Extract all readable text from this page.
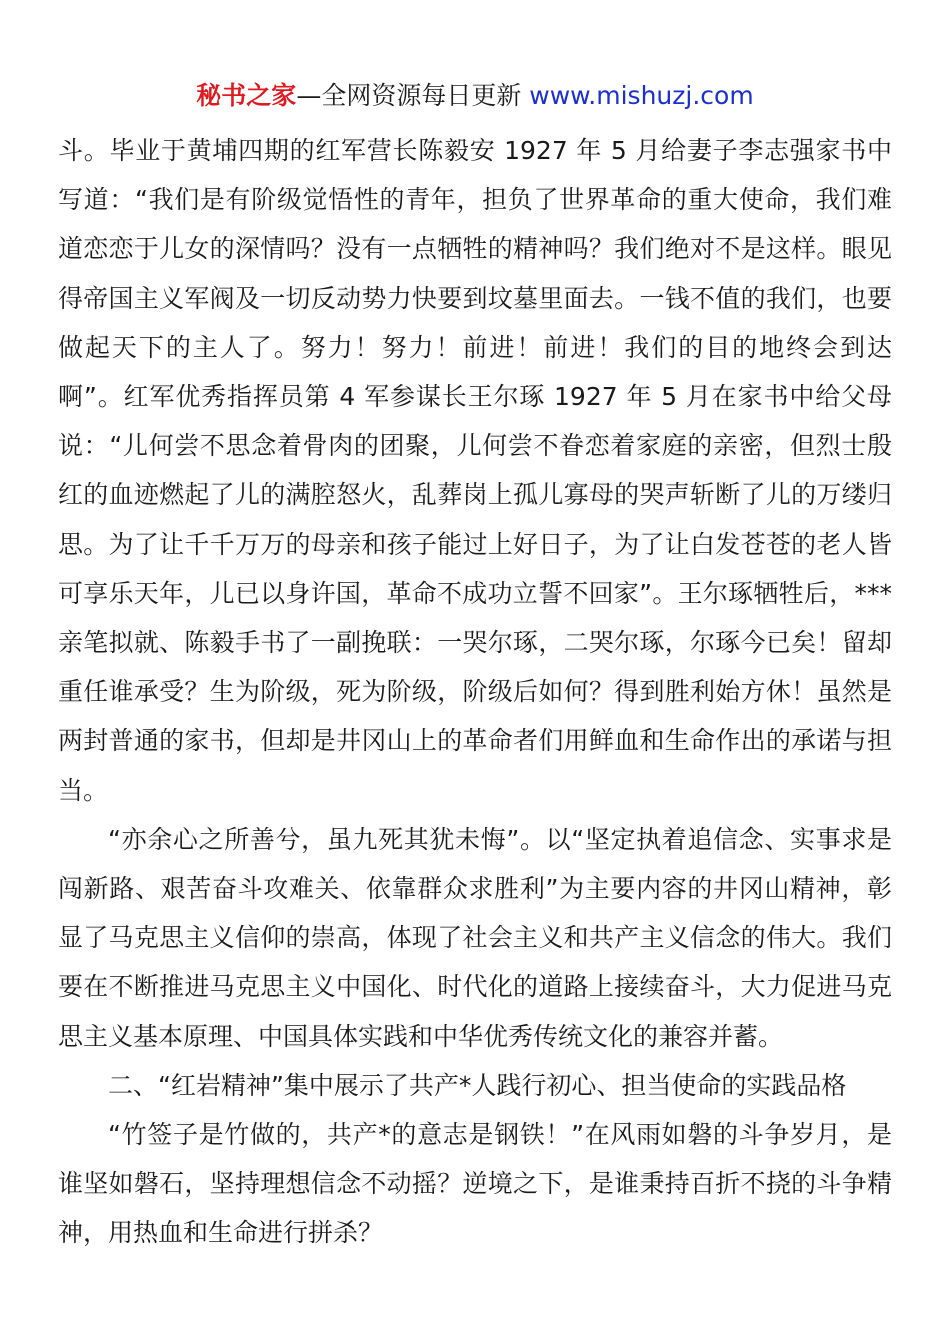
秘书之家—全网资源每日更新 www.mishuzj.com

斗。毕业于黄埔四期的红军营长陈毅安 1927 年 5 月给妻子李志强家书中写道：“我们是有阶级觉悟性的青年，担负了世界革命的重大使命，我们难道恋恋于儿女的深情吗？没有一点牺牲的精神吗？我们绝对不是这样。眼见得帝国主义军阀及一切反动势力快要到坟墓里面去。一钱不值的我们，也要做起天下的主人了。努力！努力！前进！前进！我们的目的地终会到达啊”。红军优秀指挥员第 4 军参谋长王尔琢 1927 年 5 月在家书中给父母说：“儿何尝不思念着骨肉的团聚，儿何尝不眷恋着家庭的亲密，但烈士殷红的血迹燃起了儿的满腔怒火，乱葬岗上孤儿寡母的哭声斩断了儿的万缕归思。为了让千千万万的母亲和孩子能过上好日子，为了让白发苍苍的老人皆可享乐天年，儿已以身许国，革命不成功立誓不回家”。王尔琢牺牲后，***亲笔拟就、陈毅手书了一副挽联：一哭尔琢，二哭尔琢，尔琢今已矣！留却重任谁承受？生为阶级，死为阶级，阶级后如何？得到胜利始方休！虽然是两封普通的家书，但却是井冈山上的革命者们用鲜血和生命作出的承诺与担当。

“亦余心之所善兮，虽九死其犹未悔”。以“坚定执着追信念、实事求是闯新路、艰苦奋斗攻难关、依靠群众求胜利”为主要内容的井冈山精神，彰显了马克思主义信仰的崇高，体现了社会主义和共产主义信念的伟大。我们要在不断推进马克思主义中国化、时代化的道路上接续奋斗，大力促进马克思主义基本原理、中国具体实践和中华优秀传统文化的兼容并蓄。

二、“红岩精神”集中展示了共产*人践行初心、担当使命的实践品格

“竹签子是竹做的，共产*的意志是钢铁！”在风雨如磐的斗争岁月，是谁坚如磐石，坚持理想信念不动摇？逆境之下，是谁秉持百折不挠的斗争精神，用热血和生命进行拼杀？
